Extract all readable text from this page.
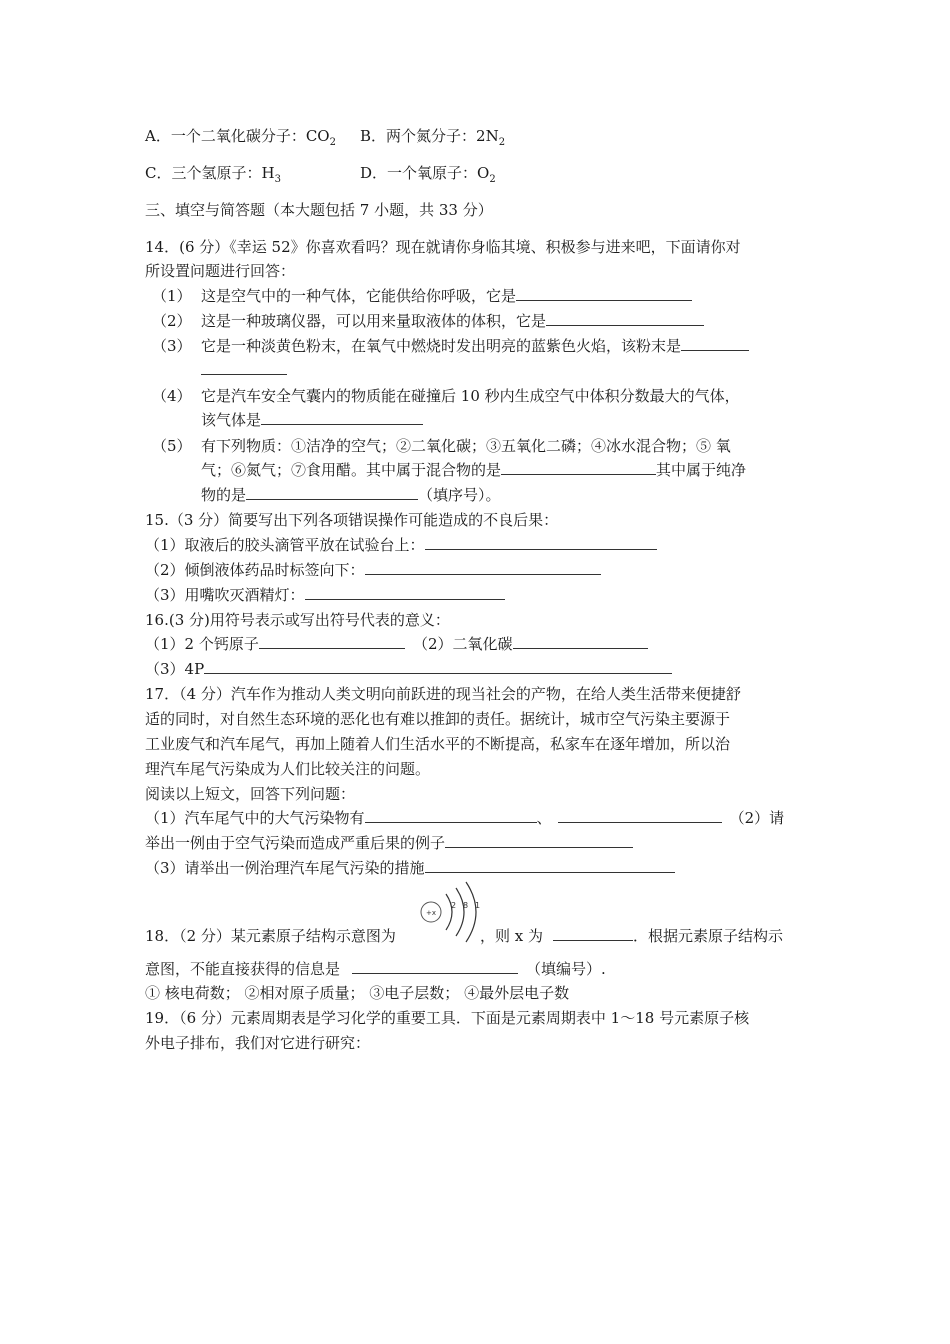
A．一个二氧化碳分子：$CO_2$ B．两个氮分子：$2N_2$
C．三个氢原子：$H_3$	D．一个氧原子：$O_2$
三、填空与简答题（本大题包括 7 小题，共 33 分）
14．(6 分）《幸运 52》你喜欢看吗？现在就请你身临其境、积极参与进来吧，下面请你对
所设置问题进行回答：
（1） 这是空气中的一种气体，它能供给你呼吸，它是
（2） 这是一种玻璃仪器，可以用来量取液体的体积，它是
（3） 它是一种淡黄色粉末，在氧气中燃烧时发出明亮的蓝紫色火焰，该粉末是
（4） 它是汽车安全气囊内的物质能在碰撞后 10 秒内生成空气中体积分数最大的气体，
该气体是
（5） 有下列物质：①洁净的空气；②二氧化碳；③五氧化二磷；④冰水混合物；⑤ 氧
气；⑥氮气；⑦食用醋。其中属于混合物的是	其中属于纯净
物的是	（填序号）。
15.（3 分）简要写出下列各项错误操作可能造成的不良后果：
（1）取液后的胶头滴管平放在试验台上：
（2）倾倒液体药品时标签向下：
（3）用嘴吹灭酒精灯：
16.(3 分)用符号表示或写出符号代表的意义：
（1）2 个钙原子	（2）二氧化碳
（3）4P
17．（4 分）汽车作为推动人类文明向前跃进的现当社会的产物，在给人类生活带来便捷舒
适的同时，对自然生态环境的恶化也有难以推卸的责任。据统计，城市空气污染主要源于
工业废气和汽车尾气，再加上随着人们生活水平的不断提高，私家车在逐年增加，所以治
理汽车尾气污染成为人们比较关注的问题。
阅读以上短文，回答下列问题：
（1）汽车尾气中的大气污染物有	、	（2）请
举出一例由于空气污染而造成严重后果的例子
（3）请举出一例治理汽车尾气污染的措施
18．（2 分）某元素原子结构示意图为	，则 x 为	．根据元素原子结构示
+x
2 8 1
意图，不能直接获得的信息是	（填编号）.
① 核电荷数； ②相对原子质量； ③电子层数； ④最外层电子数
19．（6 分）元素周期表是学习化学的重要工具．下面是元素周期表中 1～18 号元素原子核
外电子排布，我们对它进行研究：
